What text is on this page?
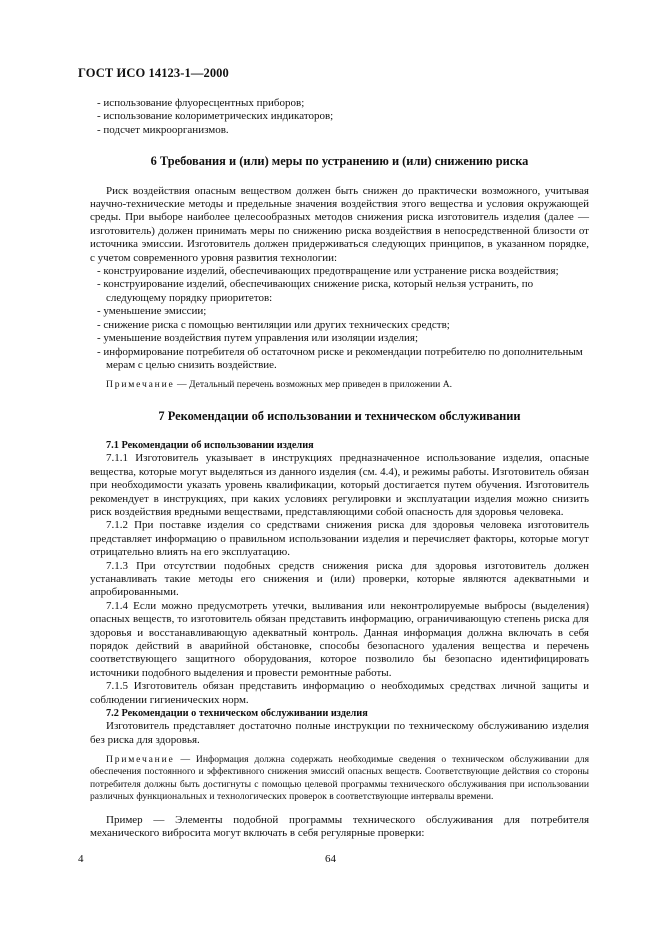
ГОСТ ИСО 14123-1—2000

- использование флуоресцентных приборов;

- использование колориметрических индикаторов;

- подсчет микроорганизмов.

6 Требования и (или) меры по устранению и (или) снижению риска

Риск воздействия опасным веществом должен быть снижен до практически возможного, учитывая научно-технические методы и предельные значения воздействия этого вещества и условия окружающей среды. При выборе наиболее целесообразных методов снижения риска изготовитель изделия (далее — изготовитель) должен принимать меры по снижению риска воздействия в непосредственной близости от источника эмиссии. Изготовитель должен придерживаться следующих принципов, в указанном порядке, с учетом современного уровня развития технологии:

- конструирование изделий, обеспечивающих предотвращение или устранение риска воздействия;

- конструирование изделий, обеспечивающих снижение риска, который нельзя устранить, по следующему порядку приоритетов:

- уменьшение эмиссии;

- снижение риска с помощью вентиляции или других технических средств;

- уменьшение воздействия путем управления или изоляции изделия;

- информирование потребителя об остаточном риске и рекомендации потребителю по дополнительным мерам с целью снизить воздействие.

Примечание — Детальный перечень возможных мер приведен в приложении А.

7 Рекомендации об использовании и техническом обслуживании

7.1 Рекомендации об использовании изделия

7.1.1 Изготовитель указывает в инструкциях предназначенное использование изделия, опасные вещества, которые могут выделяться из данного изделия (см. 4.4), и режимы работы. Изготовитель обязан при необходимости указать уровень квалификации, который достигается путем обучения. Изготовитель рекомендует в инструкциях, при каких условиях регулировки и эксплуатации изделия можно снизить риск воздействия вредными веществами, представляющими собой опасность для здоровья человека.

7.1.2 При поставке изделия со средствами снижения риска для здоровья человека изготовитель представляет информацию о правильном использовании изделия и перечисляет факторы, которые могут отрицательно влиять на его эксплуатацию.

7.1.3 При отсутствии подобных средств снижения риска для здоровья изготовитель должен устанавливать такие методы его снижения и (или) проверки, которые являются адекватными и апробированными.

7.1.4 Если можно предусмотреть утечки, выливания или неконтролируемые выбросы (выделения) опасных веществ, то изготовитель обязан представить информацию, ограничивающую степень риска для здоровья и восстанавливающую адекватный контроль. Данная информация должна включать в себя порядок действий в аварийной обстановке, способы безопасного удаления вещества и перечень соответствующего защитного оборудования, которое позволило бы безопасно идентифицировать источники подобного выделения и провести ремонтные работы.

7.1.5 Изготовитель обязан представить информацию о необходимых средствах личной защиты и соблюдении гигиенических норм.

7.2 Рекомендации о техническом обслуживании изделия

Изготовитель представляет достаточно полные инструкции по техническому обслуживанию изделия без риска для здоровья.

Примечание — Информация должна содержать необходимые сведения о техническом обслуживании для обеспечения постоянного и эффективного снижения эмиссий опасных веществ. Соответствующие действия со стороны потребителя должны быть достигнуты с помощью целевой программы технического обслуживания при использовании различных функциональных и технологических проверок в соответствующие интервалы времени.

Пример — Элементы подобной программы технического обслуживания для потребителя механического вибросита могут включать в себя регулярные проверки:

4	64
